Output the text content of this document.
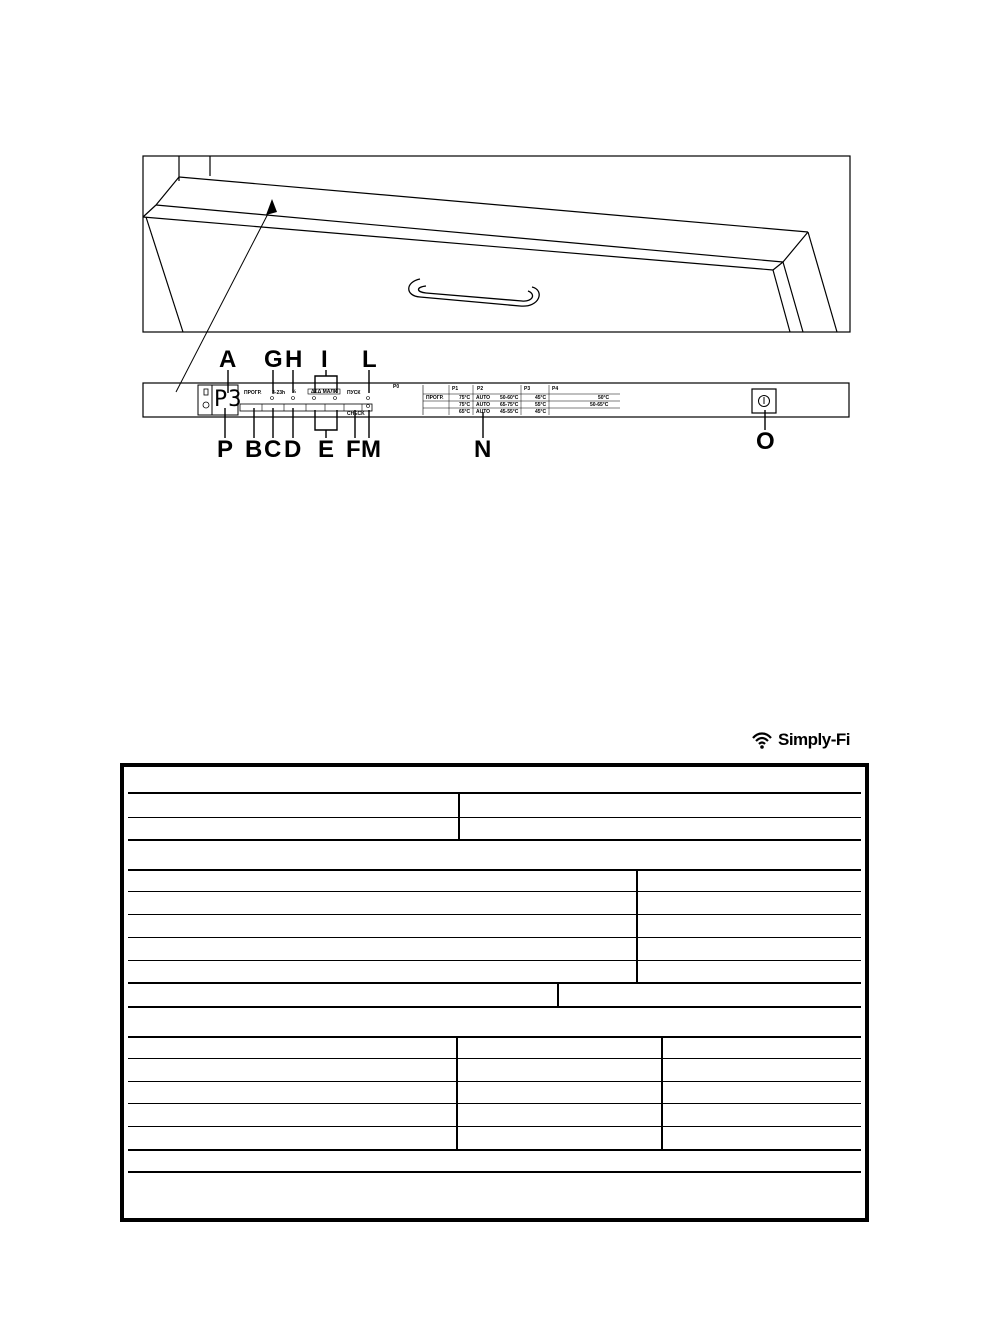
P3 ПРОГР. 3-23h ½	ΔΣΔ МАЛК ПУСК
CHECK
P0	P1	P2	P3	P4
ПРОГР.	75°C AUTO 50-60°C	45°C	50°C
75°C AUTO 65-75°C	55°C	50-65°C
65°C AUTO 45-55°C	45°C
A G H I L
P B C D E F M	N	O
Simply-Fi
